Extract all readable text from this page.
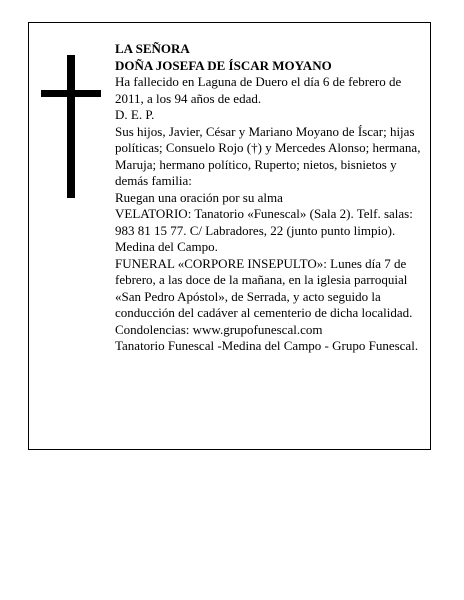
LA SEÑORA

DOÑA JOSEFA DE ÍSCAR MOYANO

Ha fallecido en Laguna de Duero el día 6 de febrero de 2011, a los 94 años de edad.

D. E. P.

Sus hijos, Javier, César y Mariano Moyano de Íscar; hijas políticas; Consuelo Rojo (†) y Mercedes Alonso; hermana, Maruja; hermano político, Ruperto; nietos, bisnietos y demás familia:

Ruegan una oración por su alma

VELATORIO: Tanatorio «Funescal» (Sala 2). Telf. salas: 983 81 15 77. C/ Labradores, 22 (junto punto limpio). Medina del Campo.

FUNERAL «CORPORE INSEPULTO»: Lunes día 7 de febrero, a las doce de la mañana, en la iglesia parroquial «San Pedro Apóstol», de Serrada, y acto seguido la conducción del cadáver al cementerio de dicha localidad.

Condolencias: www.grupofunescal.com

Tanatorio Funescal -Medina del Campo - Grupo Funescal.
